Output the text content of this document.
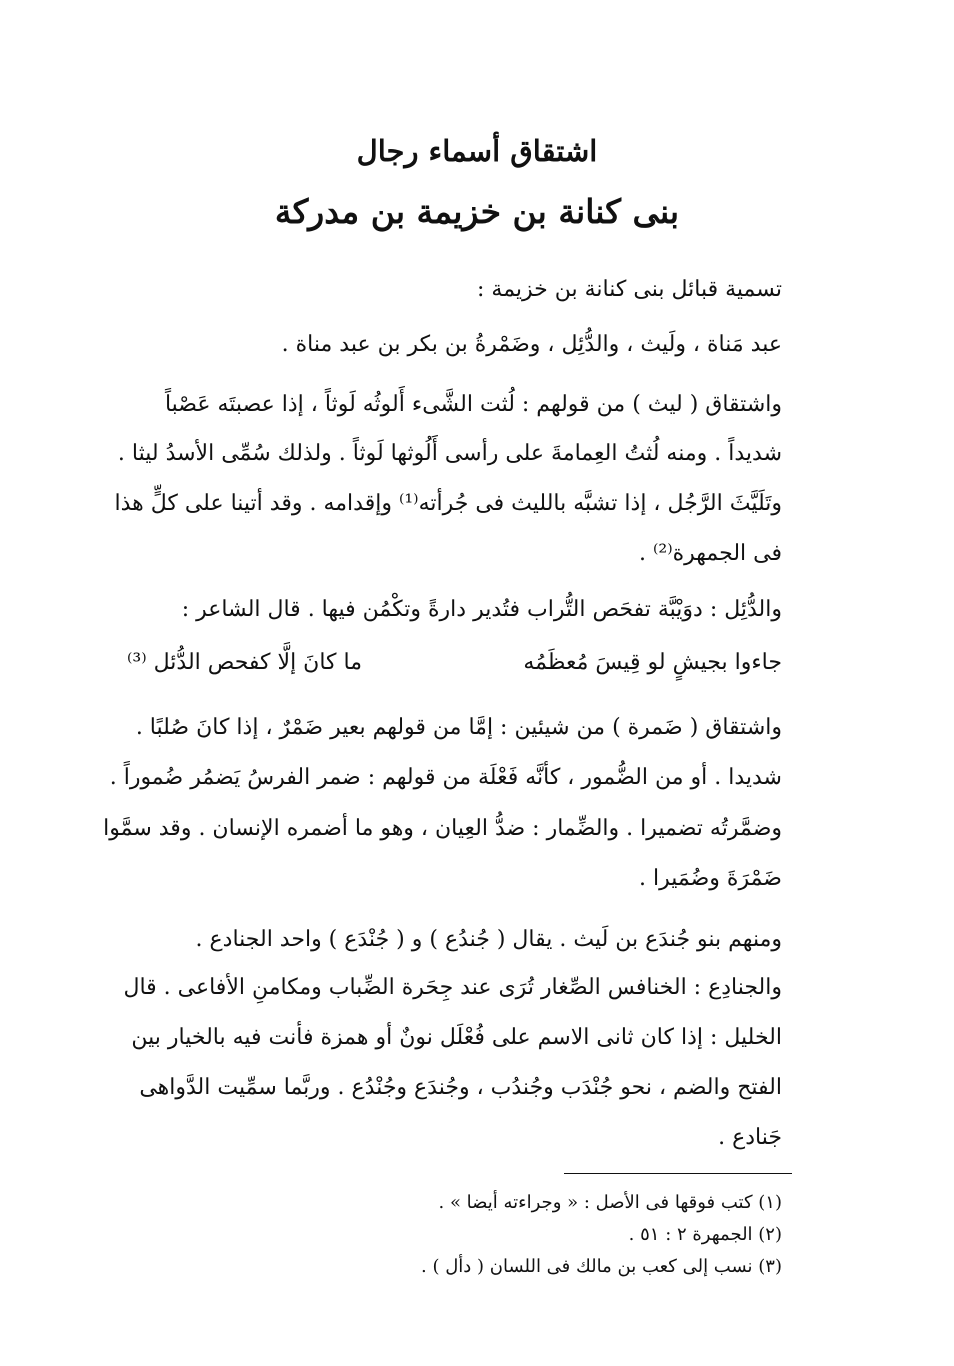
اشتقاق أسماء رجال
بنى كنانة بن خزيمة بن مدركة
تسمية قبائل بنى كنانة بن خزيمة :
عبد مَناة ، ولَيث ، والدُّئِل ، وضَمْرةُ بن بكر بن عبد مناة .
واشتقاق ( ليث ) من قولهم : لُثت الشَّىء أَلوثُه لَوثاً ، إذا عصبتَه عَصْباً
شديداً . ومنه لُثتُ العِمامةَ على رأسى أَلُوثها لَوثاً . ولذلك سُمِّى الأسدُ ليثا .
وتَلَيَّثَ الرَّجُل ، إذا تشبَّه بالليث فى جُرأته⁽¹⁾ وإقدامه . وقد أتينا على كلٍّ هذا
فى الجمهرة⁽²⁾ .
والدُّئِل : دوَيْبَّة تفحَص التُّراب فتُدير دارةً وتكْمُن فيها . قال الشاعر :
جاءوا بجيشٍ لو قِيسَ مُعظَمُه
ما كانَ إلَّا كفحص الدُّئل ⁽³⁾
واشتقاق ( ضَمرة ) من شيئين : إمَّا من قولهم بعير ضَمْرٌ ، إذا كانَ صُلبًا .
شديدا . أو من الضُّمور ، كأنَّه فَعْلَة من قولهم : ضمر الفرسُ يَضمُر ضُموراً .
وضمَّرتُه تضميرا . والضِّمار : ضدُّ العِيان ، وهو ما أضمره الإنسان . وقد سمَّوا
ضَمْرَةَ وضُمَيرا .
ومنهم بنو جُندَع بن لَيث . يقال ( جُندُع ) و ( جُنْدَع ) واحد الجنادع .
والجنادِع : الخنافس الصِّغار تُرَى عند جِحَرة الضِّباب ومكامنِ الأفاعى . قال
الخليل : إذا كان ثانى الاسم على فُعْلَل نونٌ أو همزة فأنت فيه بالخيار بين
الفتح والضم ، نحو جُنْدَب وجُندُب ، وجُندَع وجُنْدُع . وربَّما سمِّيت الدَّواهى
جَنادع .
(١) كتب فوقها فى الأصل : « وجراءته أيضا » .
(٢) الجمهرة ٢ : ٥١ .
(٣) نسب إلى كعب بن مالك فى اللسان ( دأل ) .
